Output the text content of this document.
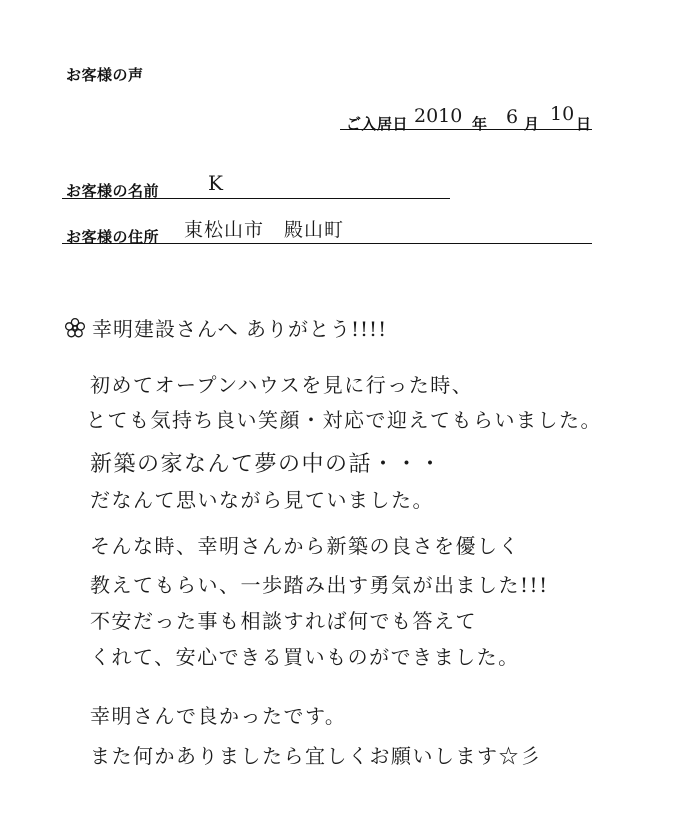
お客様の声
ご入居日 2010 年 6 月 10 日
お客様の名前 K
お客様の住所 東松山市　殿山町
幸明建設さんへ ありがとう!!!!
初めてオープンハウスを見に行った時、
とても気持ち良い笑顔・対応で迎えてもらいました。
新築の家なんて夢の中の話・・・
だなんて思いながら見ていました。
そんな時、幸明さんから新築の良さを優しく
教えてもらい、一歩踏み出す勇気が出ました!!!
不安だった事も相談すれば何でも答えて
くれて、安心できる買いものができました。
幸明さんで良かったです。
また何かありましたら宜しくお願いします☆彡
